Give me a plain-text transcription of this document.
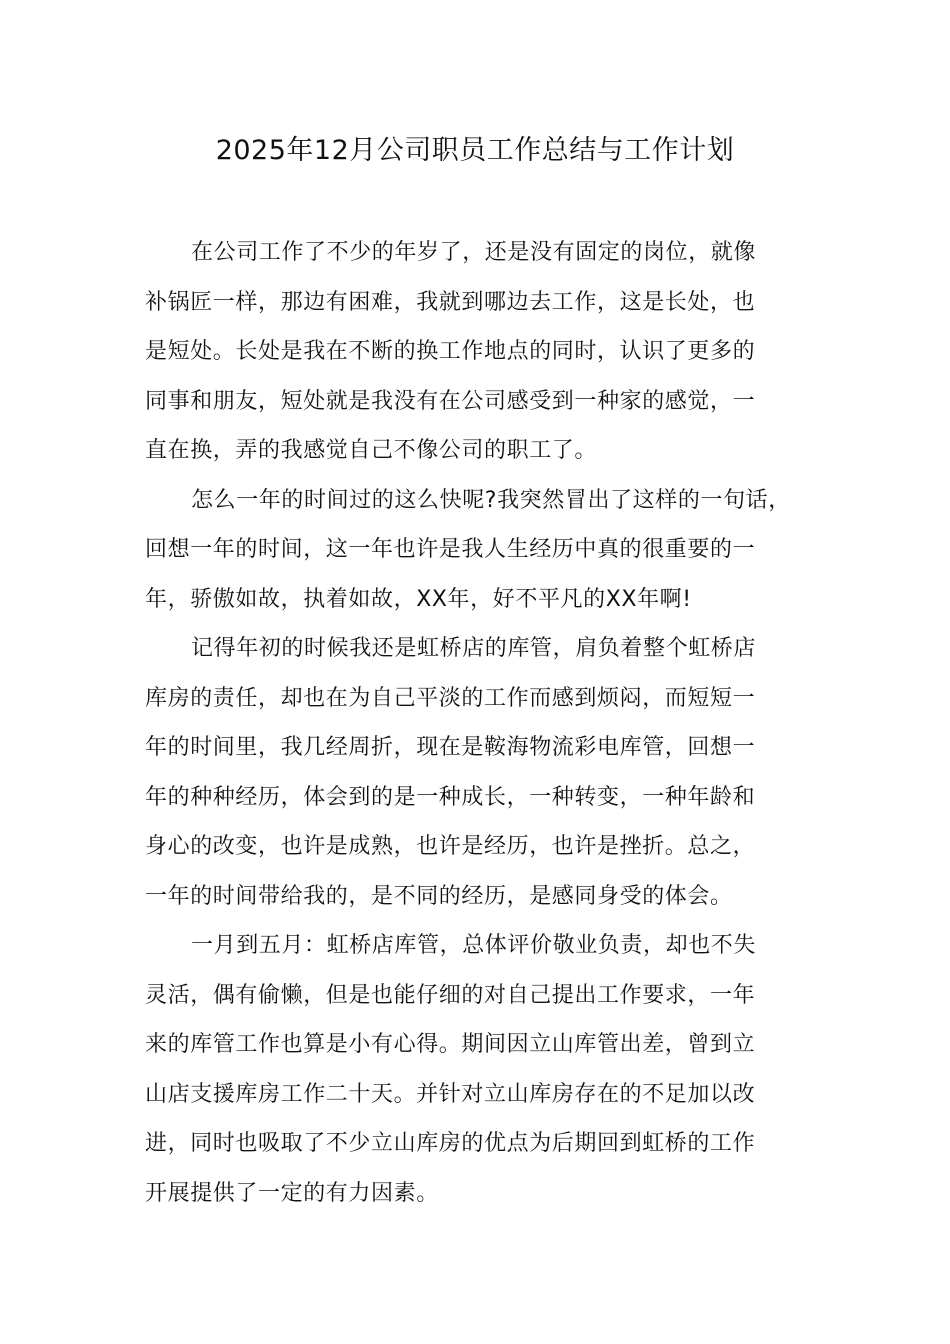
2025年12月公司职员工作总结与工作计划
在公司工作了不少的年岁了，还是没有固定的岗位，就像
补锅匠一样，那边有困难，我就到哪边去工作，这是长处，也
是短处。长处是我在不断的换工作地点的同时，认识了更多的
同事和朋友，短处就是我没有在公司感受到一种家的感觉，一
直在换，弄的我感觉自己不像公司的职工了。
怎么一年的时间过的这么快呢?我突然冒出了这样的一句话，
回想一年的时间，这一年也许是我人生经历中真的很重要的一
年，骄傲如故，执着如故，XX年，好不平凡的XX年啊!
记得年初的时候我还是虹桥店的库管，肩负着整个虹桥店
库房的责任，却也在为自己平淡的工作而感到烦闷，而短短一
年的时间里，我几经周折，现在是鞍海物流彩电库管，回想一
年的种种经历，体会到的是一种成长，一种转变，一种年龄和
身心的改变，也许是成熟，也许是经历，也许是挫折。总之，
一年的时间带给我的，是不同的经历，是感同身受的体会。
一月到五月：虹桥店库管，总体评价敬业负责，却也不失
灵活，偶有偷懒，但是也能仔细的对自己提出工作要求，一年
来的库管工作也算是小有心得。期间因立山库管出差，曾到立
山店支援库房工作二十天。并针对立山库房存在的不足加以改
进，同时也吸取了不少立山库房的优点为后期回到虹桥的工作
开展提供了一定的有力因素。
